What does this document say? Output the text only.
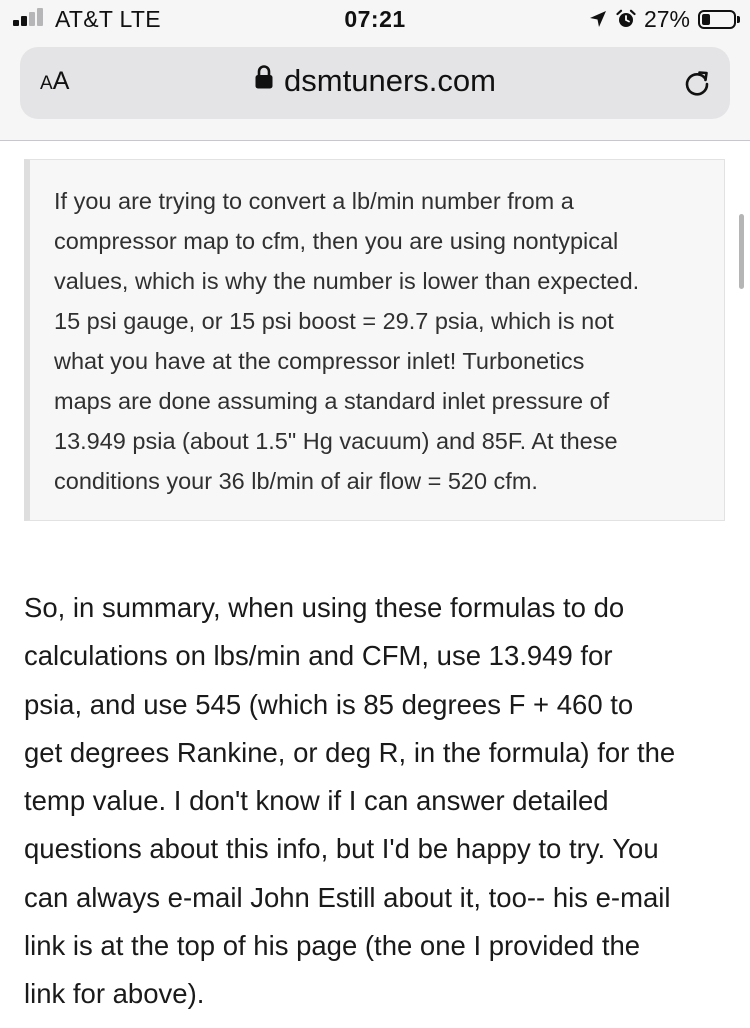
AT&T LTE	07:21	27%
AA	dsmtuners.com

If you are trying to convert a lb/min number from a
compressor map to cfm, then you are using nontypical
values, which is why the number is lower than expected.
15 psi gauge, or 15 psi boost = 29.7 psia, which is not
what you have at the compressor inlet! Turbonetics
maps are done assuming a standard inlet pressure of
13.949 psia (about 1.5" Hg vacuum) and 85F. At these
conditions your 36 lb/min of air flow = 520 cfm.

So, in summary, when using these formulas to do
calculations on lbs/min and CFM, use 13.949 for
psia, and use 545 (which is 85 degrees F + 460 to
get degrees Rankine, or deg R, in the formula) for the
temp value. I don't know if I can answer detailed
questions about this info, but I'd be happy to try. You
can always e-mail John Estill about it, too-- his e-mail
link is at the top of his page (the one I provided the
link for above).
